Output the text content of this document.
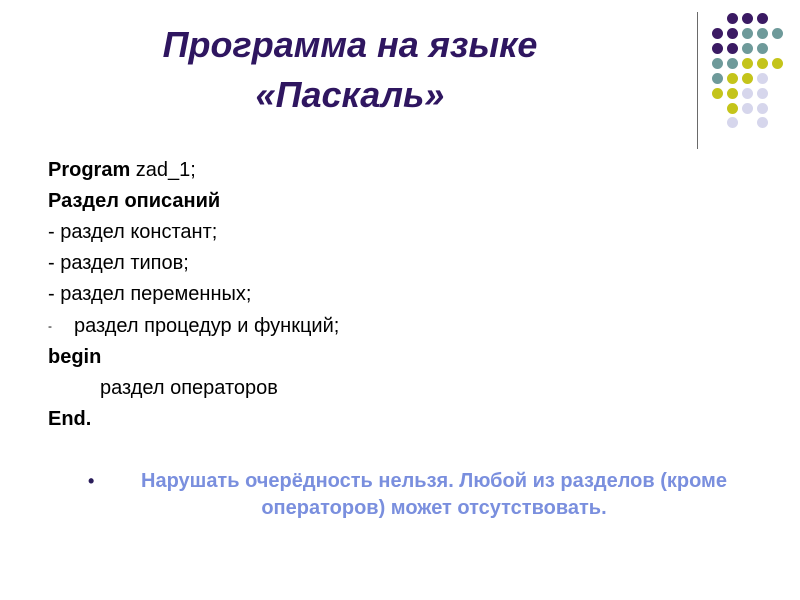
Программа на языке
«Паскаль»
Program zad_1;
Раздел описаний
- раздел констант;
- раздел типов;
- раздел переменных;
- раздел процедур и функций;
begin
раздел операторов
End.
•	Нарушать очерёдность нельзя. Любой из разделов (кроме операторов) может отсутствовать.
